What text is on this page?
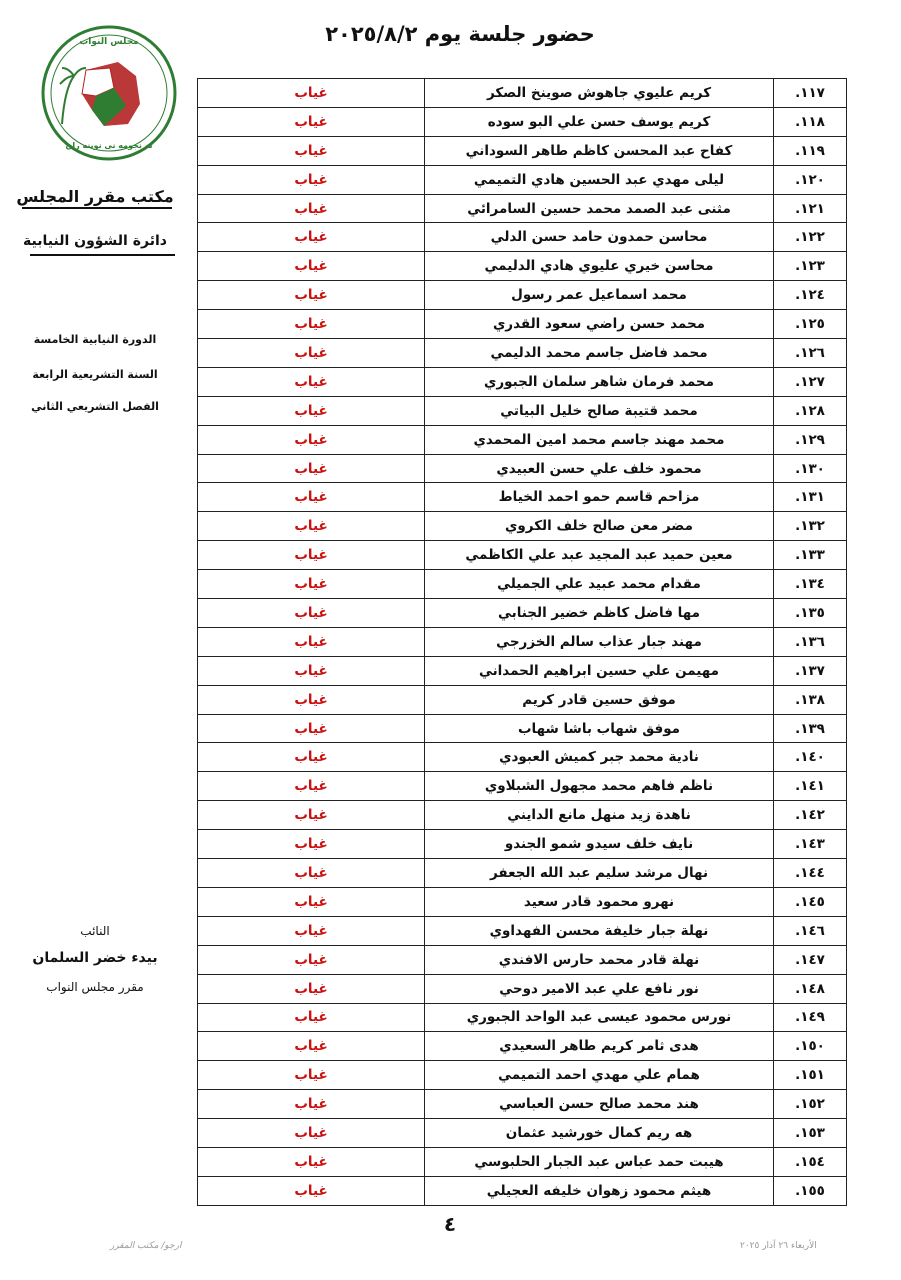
حضور جلسة يوم ٢٠٢٥/٨/٢
مجلس النواب
ئه نجومه نی نوینه ران
مكتب مقرر المجلس
دائرة الشؤون النيابية
الدورة النيابية الخامسة
السنة التشريعية الرابعة
الفصل التشريعي الثاني
النائب
بيدء خضر السلمان
مقرر مجلس النواب
١١٧.	كريم عليوي جاهوش صوينخ الصكر	غياب
١١٨.	كريم يوسف حسن علي البو سوده	غياب
١١٩.	كفاح عبد المحسن كاظم طاهر السوداني	غياب
١٢٠.	ليلى مهدي عبد الحسين هادي التميمي	غياب
١٢١.	مثنى عبد الصمد محمد حسين السامرائي	غياب
١٢٢.	محاسن حمدون حامد حسن الدلي	غياب
١٢٣.	محاسن خيري عليوي هادي الدليمي	غياب
١٢٤.	محمد اسماعيل عمر رسول	غياب
١٢٥.	محمد حسن راضي سعود القدري	غياب
١٢٦.	محمد فاضل جاسم محمد الدليمي	غياب
١٢٧.	محمد فرمان شاهر سلمان الجبوري	غياب
١٢٨.	محمد قتيبة صالح خليل البياتي	غياب
١٢٩.	محمد مهند جاسم محمد امين المحمدي	غياب
١٣٠.	محمود خلف علي حسن العبيدي	غياب
١٣١.	مزاحم قاسم حمو احمد الخياط	غياب
١٣٢.	مضر معن صالح خلف الكروي	غياب
١٣٣.	معين حميد عبد المجيد عبد علي الكاظمي	غياب
١٣٤.	مقدام محمد عبيد علي الجميلي	غياب
١٣٥.	مها فاضل كاظم خضير الجنابي	غياب
١٣٦.	مهند جبار عذاب سالم الخزرجي	غياب
١٣٧.	مهيمن علي حسين ابراهيم الحمداني	غياب
١٣٨.	موفق حسين قادر كريم	غياب
١٣٩.	موفق شهاب باشا شهاب	غياب
١٤٠.	نادية محمد جبر كميش العبودي	غياب
١٤١.	ناظم فاهم محمد مجهول الشبلاوي	غياب
١٤٢.	ناهدة زيد منهل مانع الدايني	غياب
١٤٣.	نايف خلف سيدو شمو الجندو	غياب
١٤٤.	نهال مرشد سليم عبد الله الجعفر	غياب
١٤٥.	نهرو محمود قادر سعيد	غياب
١٤٦.	نهلة جبار خليفة محسن الفهداوي	غياب
١٤٧.	نهلة قادر محمد حارس الافندي	غياب
١٤٨.	نور نافع علي عبد الامير دوحي	غياب
١٤٩.	نورس محمود عيسى عبد الواحد الجبوري	غياب
١٥٠.	هدى ثامر كريم طاهر السعيدي	غياب
١٥١.	همام علي مهدي احمد التميمي	غياب
١٥٢.	هند محمد صالح حسن العباسي	غياب
١٥٣.	هه ريم كمال خورشيد عثمان	غياب
١٥٤.	هيبت حمد عباس عبد الجبار الحلبوسي	غياب
١٥٥.	هيثم محمود زهوان خليفه العجيلي	غياب
٤
ارجو/ مكتب المقرر	الأربعاء ٢٦ آذار ٢٠٢٥
